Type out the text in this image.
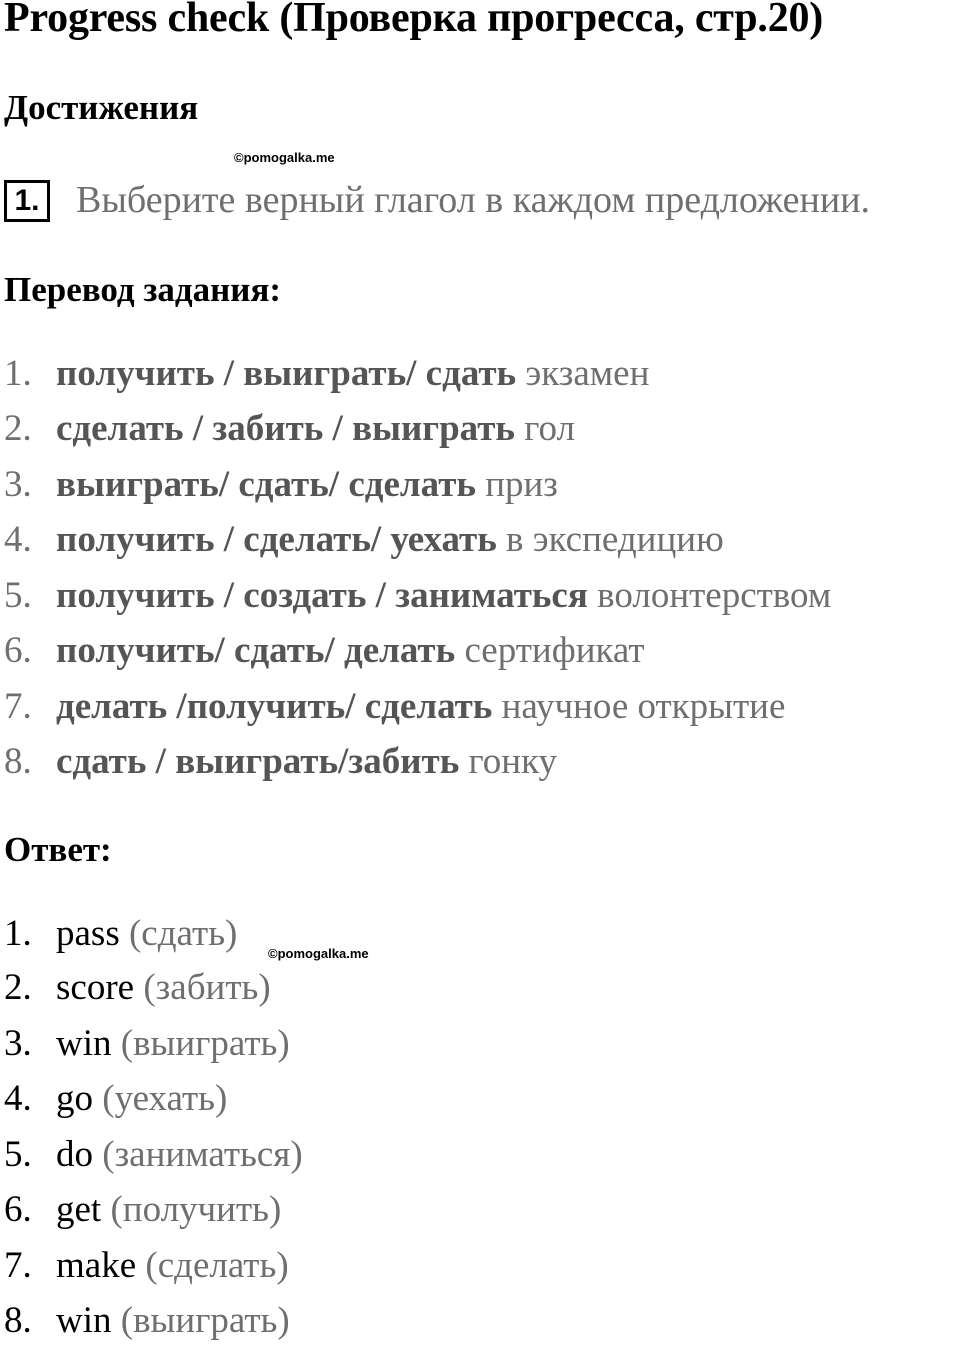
Progress check (Проверка прогресса, стр.20)
Достижения
©pomogalka.me
1. Выберите верный глагол в каждом предложении.
Перевод задания:
1. получить / выиграть/ сдать экзамен
2. сделать / забить / выиграть гол
3. выиграть/ сдать/ сделать приз
4. получить / сделать/ уехать в экспедицию
5. получить / создать / заниматься волонтерством
6. получить/ сдать/ делать сертификат
7. делать /получить/ сделать научное открытие
8. сдать / выиграть/забить гонку
Ответ:
1. pass (сдать) ©pomogalka.me
2. score (забить)
3. win (выиграть)
4. go (уехать)
5. do (заниматься)
6. get (получить)
7. make (сделать)
8. win (выиграть)
